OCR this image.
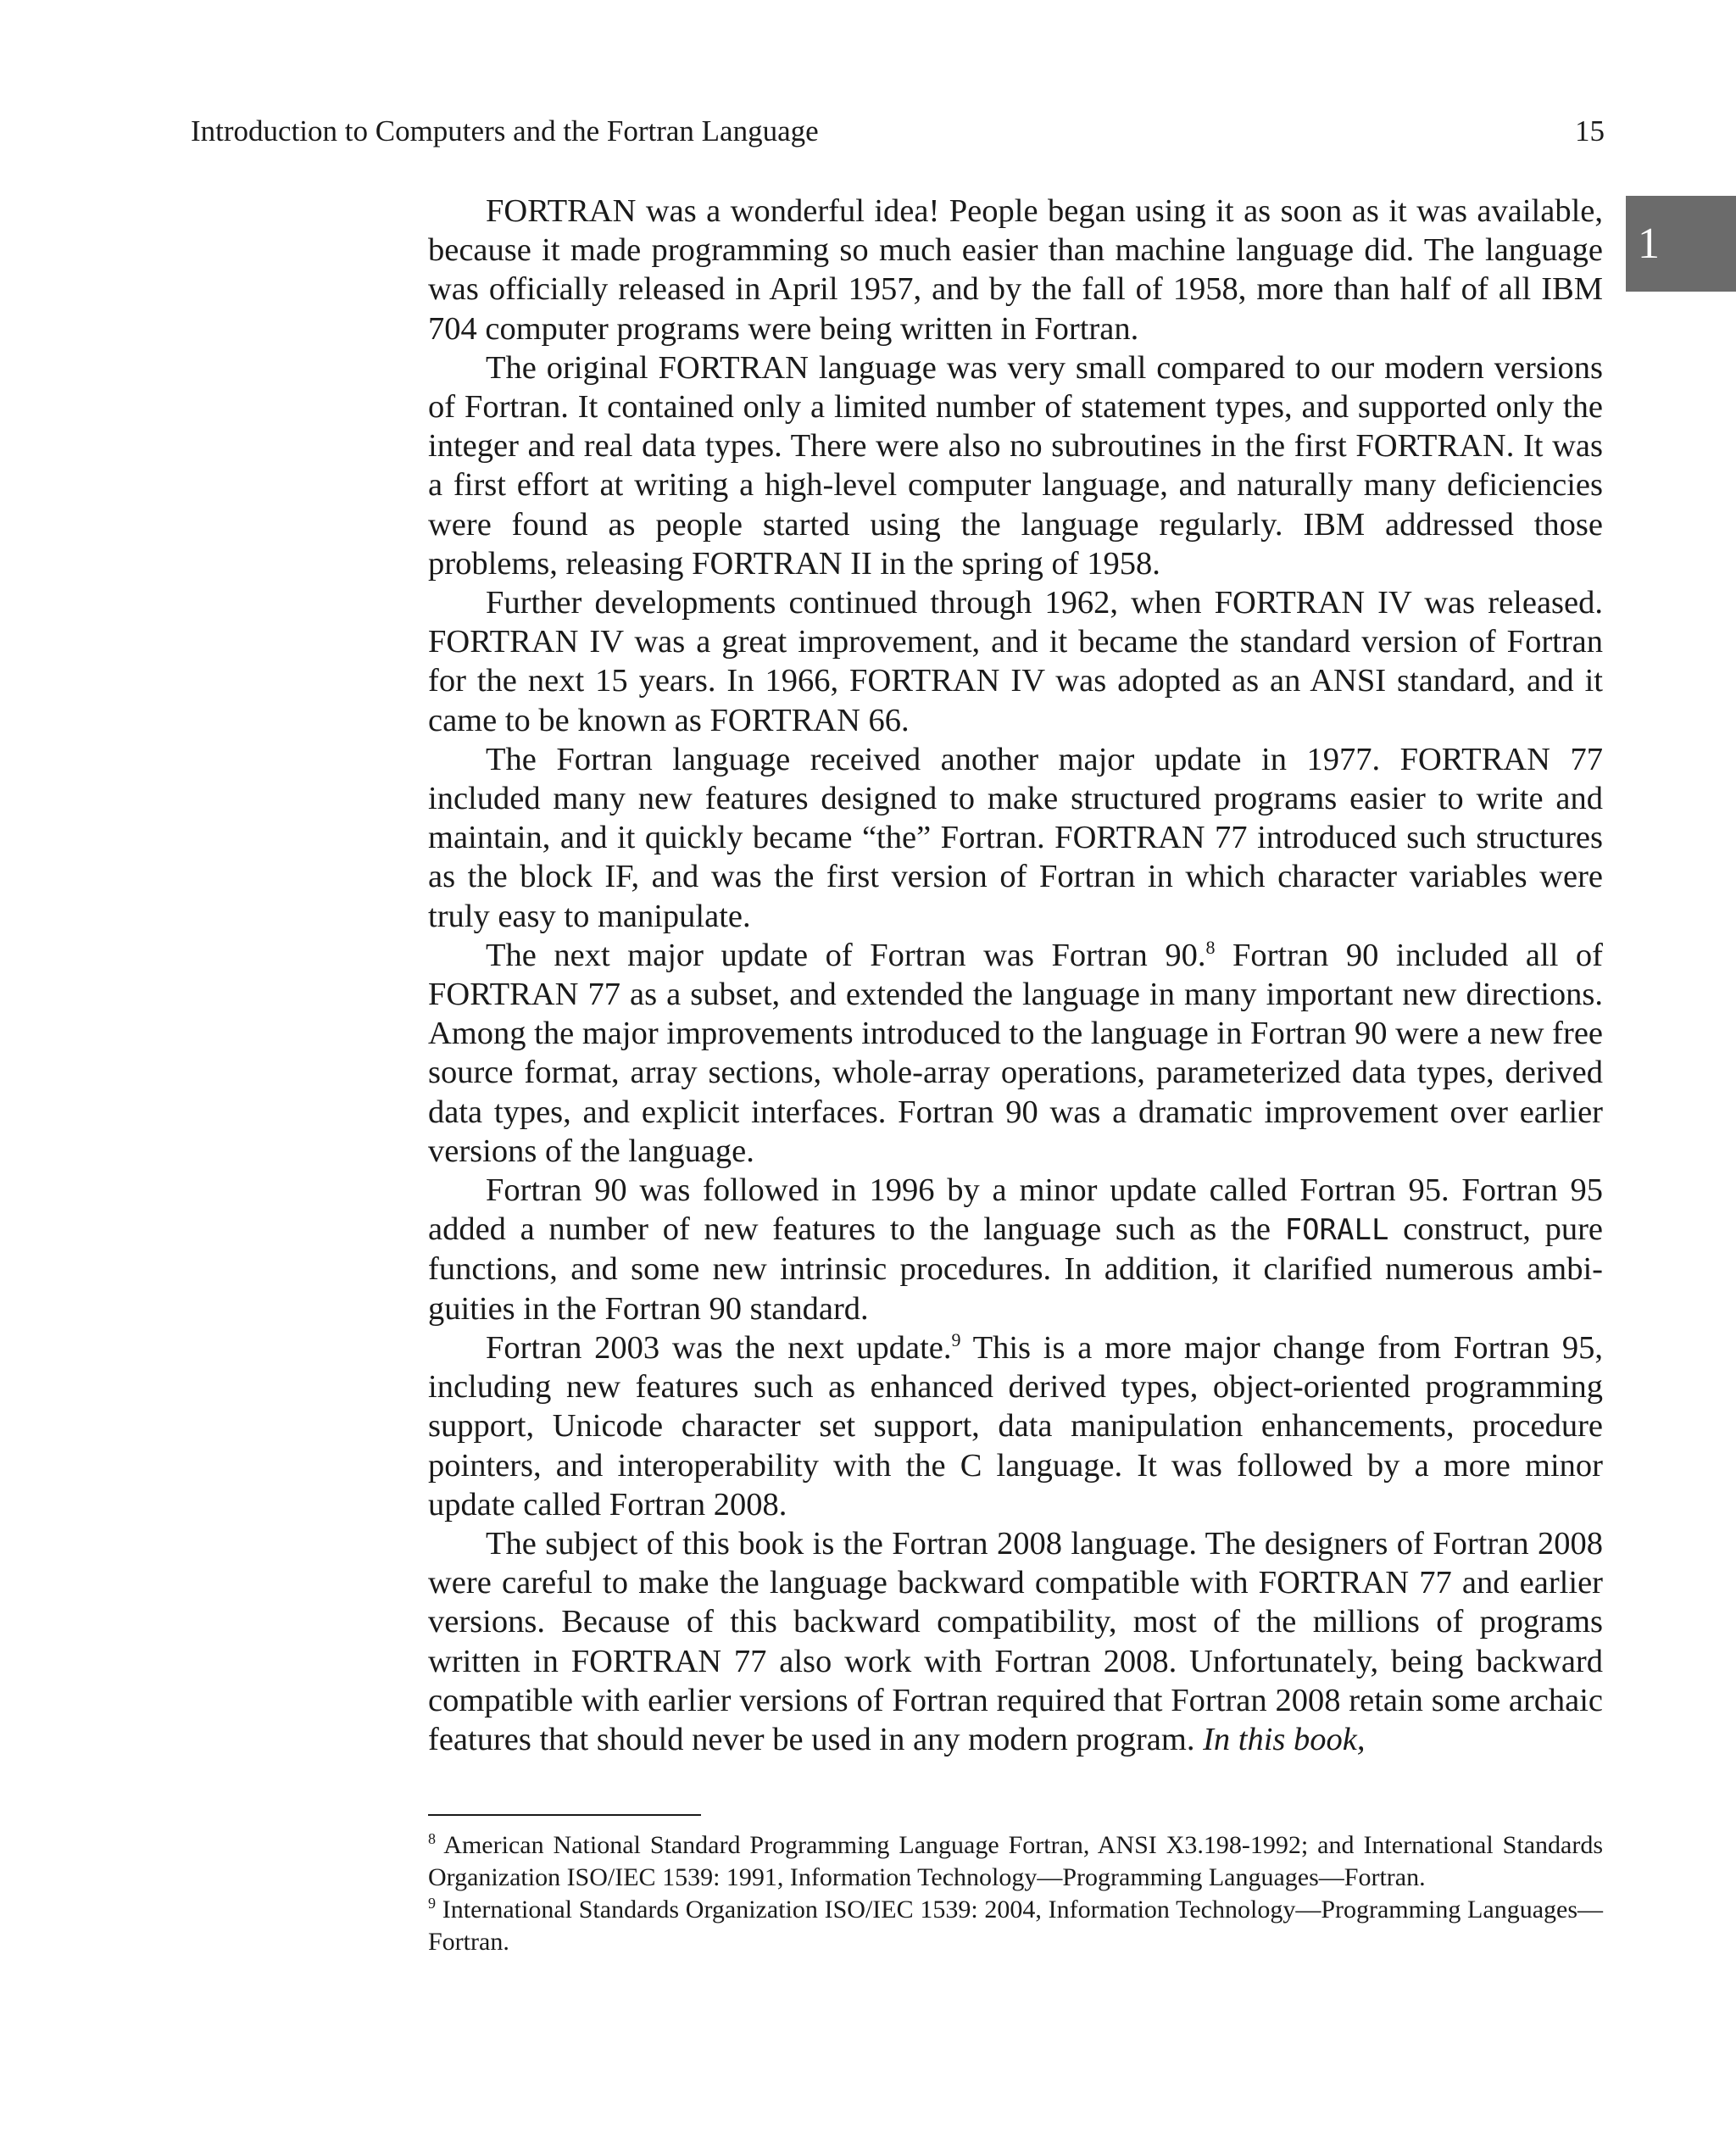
Introduction to Computers and the Fortran Language	15
1

FORTRAN was a wonderful idea! People began using it as soon as it was available, because it made programming so much easier than machine language did. The language was officially released in April 1957, and by the fall of 1958, more than half of all IBM 704 computer programs were being written in Fortran.

The original FORTRAN language was very small compared to our modern versions of Fortran. It contained only a limited number of statement types, and supported only the integer and real data types. There were also no subroutines in the first FORTRAN. It was a first effort at writing a high-level computer language, and naturally many deficiencies were found as people started using the language regularly. IBM addressed those problems, releasing FORTRAN II in the spring of 1958.

Further developments continued through 1962, when FORTRAN IV was released. FORTRAN IV was a great improvement, and it became the standard version of Fortran for the next 15 years. In 1966, FORTRAN IV was adopted as an ANSI standard, and it came to be known as FORTRAN 66.

The Fortran language received another major update in 1977. FORTRAN 77 included many new features designed to make structured programs easier to write and maintain, and it quickly became “the” Fortran. FORTRAN 77 introduced such structures as the block IF, and was the first version of Fortran in which character variables were truly easy to manipulate.

The next major update of Fortran was Fortran 90.$^8$ Fortran 90 included all of FORTRAN 77 as a subset, and extended the language in many important new directions. Among the major improvements introduced to the language in Fortran 90 were a new free source format, array sections, whole-array operations, parameterized data types, derived data types, and explicit interfaces. Fortran 90 was a dramatic improvement over earlier versions of the language.

Fortran 90 was followed in 1996 by a minor update called Fortran 95. Fortran 95 added a number of new features to the language such as the FORALL construct, pure functions, and some new intrinsic procedures. In addition, it clarified numerous ambiguities in the Fortran 90 standard.

Fortran 2003 was the next update.$^9$ This is a more major change from Fortran 95, including new features such as enhanced derived types, object-oriented programming support, Unicode character set support, data manipulation enhancements, procedure pointers, and interoperability with the C language. It was followed by a more minor update called Fortran 2008.

The subject of this book is the Fortran 2008 language. The designers of Fortran 2008 were careful to make the language backward compatible with FORTRAN 77 and earlier versions. Because of this backward compatibility, most of the millions of programs written in FORTRAN 77 also work with Fortran 2008. Unfortunately, being backward compatible with earlier versions of Fortran required that Fortran 2008 retain some archaic features that should never be used in any modern program. In this book,

$^8$ American National Standard Programming Language Fortran, ANSI X3.198-1992; and International Standards Organization ISO/IEC 1539: 1991, Information Technology—Programming Languages—Fortran.

$^9$ International Standards Organization ISO/IEC 1539: 2004, Information Technology—Programming Languages—Fortran.
